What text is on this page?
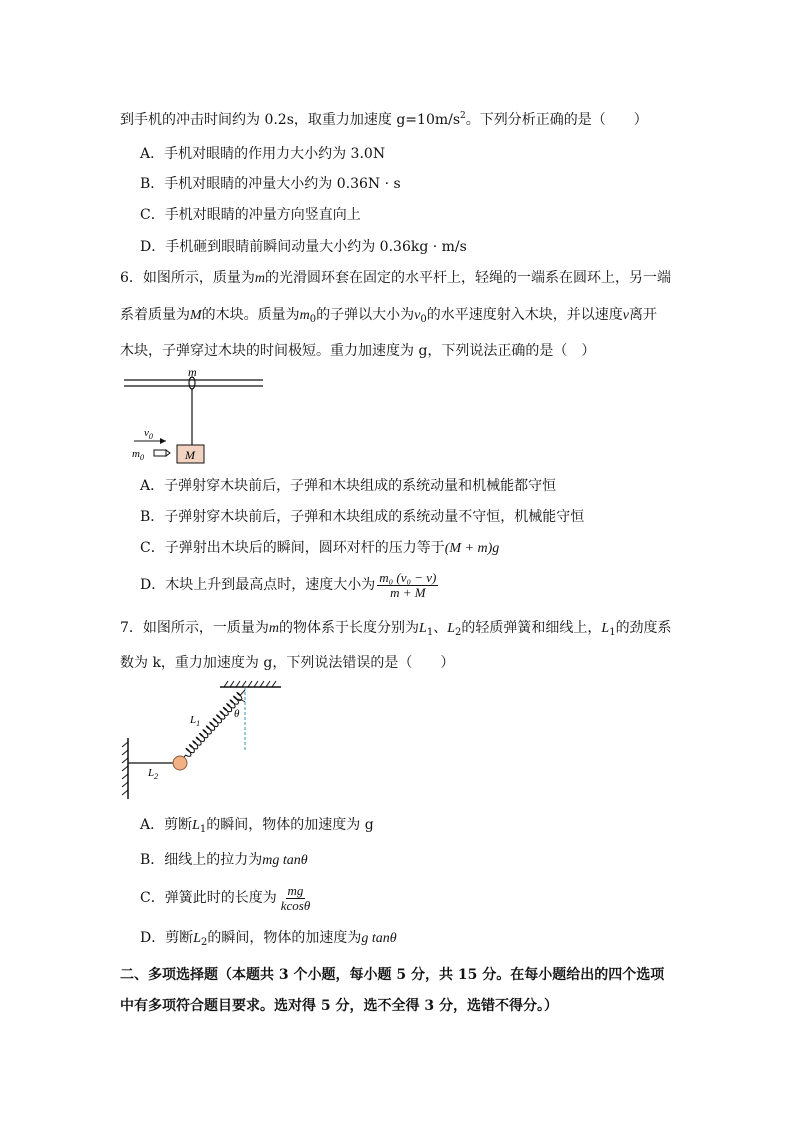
到手机的冲击时间约为 0.2s，取重力加速度 $g=10m/s^2$。下列分析正确的是（　　）
A．手机对眼睛的作用力大小约为 3.0N
B．手机对眼睛的冲量大小约为 0.36N · s
C．手机对眼睛的冲量方向竖直向上
D．手机砸到眼睛前瞬间动量大小约为 0.36kg · m/s
6．如图所示，质量为m的光滑圆环套在固定的水平杆上，轻绳的一端系在圆环上，另一端
系着质量为M的木块。质量为$m_0$的子弹以大小为$v_0$的水平速度射入木块，并以速度v离开
木块，子弹穿过木块的时间极短。重力加速度为 g，下列说法正确的是（　）
m
M
$v_0$
$m_0$
A．子弹射穿木块前后，子弹和木块组成的系统动量和机械能都守恒
B．子弹射穿木块前后，子弹和木块组成的系统动量不守恒，机械能守恒
C．子弹射出木块后的瞬间，圆环对杆的压力等于(M + m)g
D．木块上升到最高点时，速度大小为 $\frac{\text{m₀ (v₀ − v)}}{m + M}$
7．如图所示，一质量为m的物体系于长度分别为$L_1$、$L_2$的轻质弹簧和细线上，$L_1$的劲度系
数为 k，重力加速度为 g，下列说法错误的是（　　）
θ
$L_1$
$L_2$
A．剪断$L_1$的瞬间，物体的加速度为 g
B．细线上的拉力为mg tanθ
C．弹簧此时的长度为 $\frac{mg}{kcos\theta}$
D．剪断$L_2$的瞬间，物体的加速度为g tanθ
二、多项选择题（本题共 3 个小题，每小题 5 分，共 15 分。在每小题给出的四个选项
中有多项符合题目要求。选对得 5 分，选不全得 3 分，选错不得分。）
